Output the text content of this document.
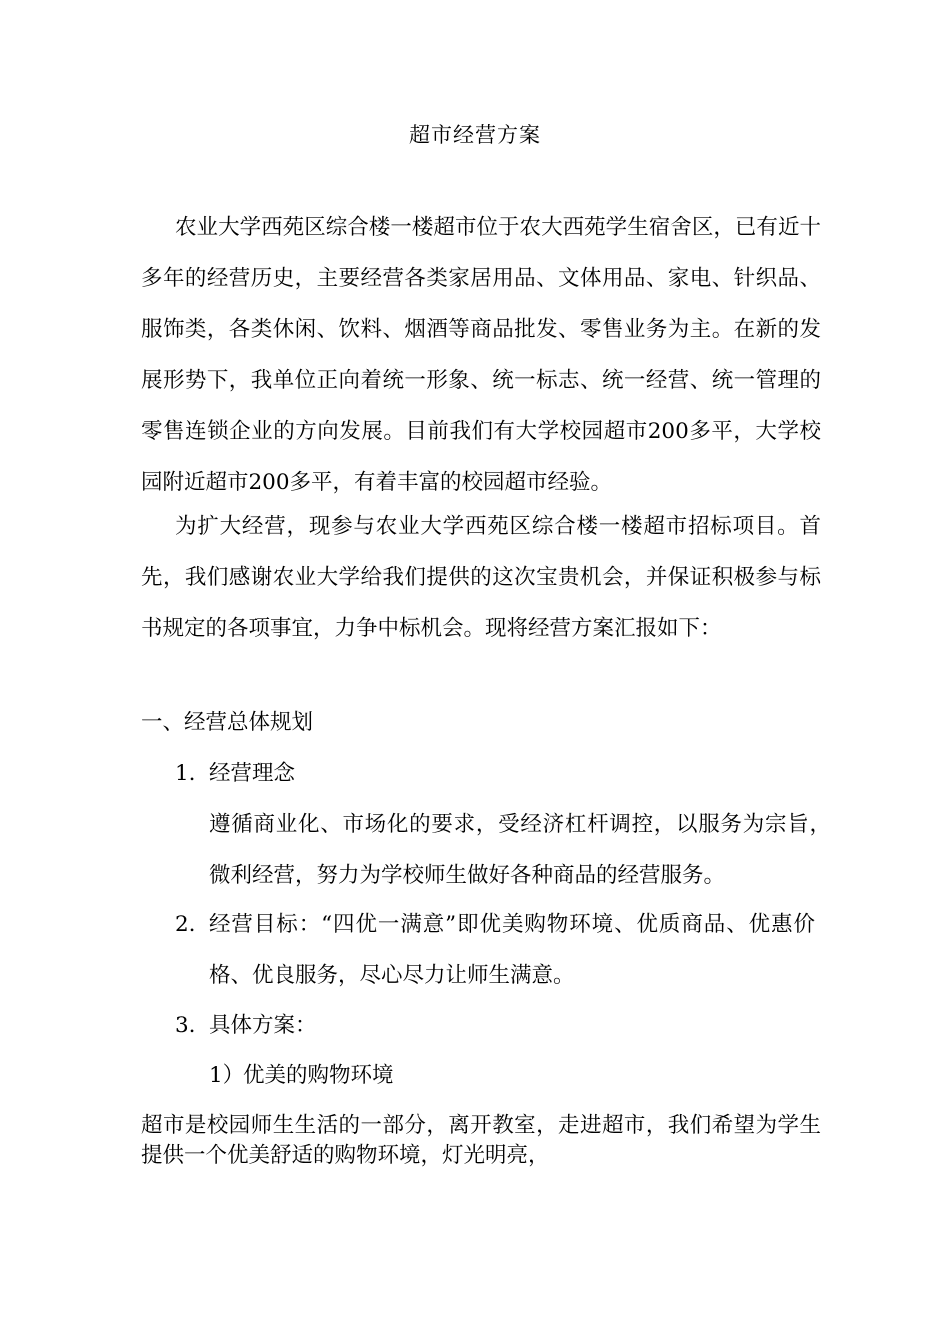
超市经营方案

农业大学西苑区综合楼一楼超市位于农大西苑学生宿舍区，已有近十多年的经营历史，主要经营各类家居用品、文体用品、家电、针织品、服饰类，各类休闲、饮料、烟酒等商品批发、零售业务为主。在新的发展形势下，我单位正向着统一形象、统一标志、统一经营、统一管理的零售连锁企业的方向发展。目前我们有大学校园超市200多平，大学校园附近超市200多平，有着丰富的校园超市经验。

为扩大经营，现参与农业大学西苑区综合楼一楼超市招标项目。首先，我们感谢农业大学给我们提供的这次宝贵机会，并保证积极参与标书规定的各项事宜，力争中标机会。现将经营方案汇报如下：

一、经营总体规划
1. 经营理念
遵循商业化、市场化的要求，受经济杠杆调控，以服务为宗旨，微利经营，努力为学校师生做好各种商品的经营服务。
2. 经营目标：“四优一满意”即优美购物环境、优质商品、优惠价格、优良服务，尽心尽力让师生满意。
3. 具体方案：
1）优美的购物环境

超市是校园师生生活的一部分，离开教室，走进超市，我们希望为学生提供一个优美舒适的购物环境，灯光明亮，
